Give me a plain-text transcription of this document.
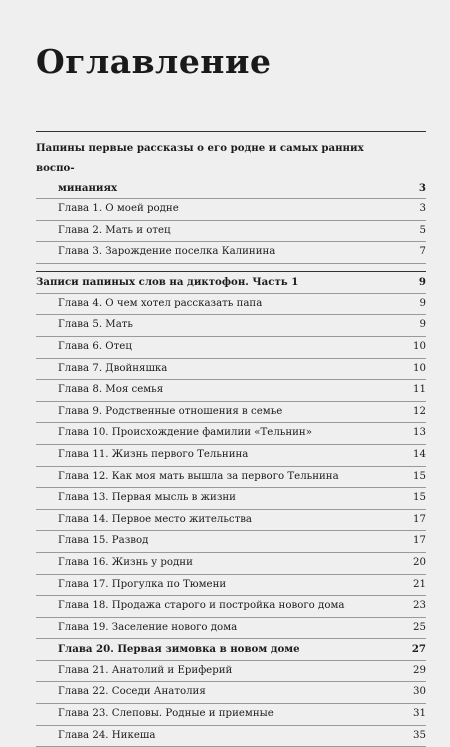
Оглавление
Папины первые рассказы о его родне и самых ранних воспо-
минаниях	3
Глава 1. О моей родне	3
Глава 2. Мать и отец	5
Глава 3. Зарождение поселка Калинина	7
Записи папиных слов на диктофон. Часть 1	9
Глава 4. О чем хотел рассказать папа	9
Глава 5. Мать	9
Глава 6. Отец	10
Глава 7. Двойняшка	10
Глава 8. Моя семья	11
Глава 9. Родственные отношения в семье	12
Глава 10. Происхождение фамилии «Тельнин»	13
Глава 11. Жизнь первого Тельнина	14
Глава 12. Как моя мать вышла за первого Тельнина	15
Глава 13. Первая мысль в жизни	15
Глава 14. Первое место жительства	17
Глава 15. Развод	17
Глава 16. Жизнь у родни	20
Глава 17. Прогулка по Тюмени	21
Глава 18. Продажа старого и постройка нового дома	23
Глава 19. Заселение нового дома	25
Глава 20. Первая зимовка в новом доме	27
Глава 21. Анатолий и Ериферий	29
Глава 22. Соседи Анатолия	30
Глава 23. Слеповы. Родные и приемные	31
Глава 24. Никеша	35
